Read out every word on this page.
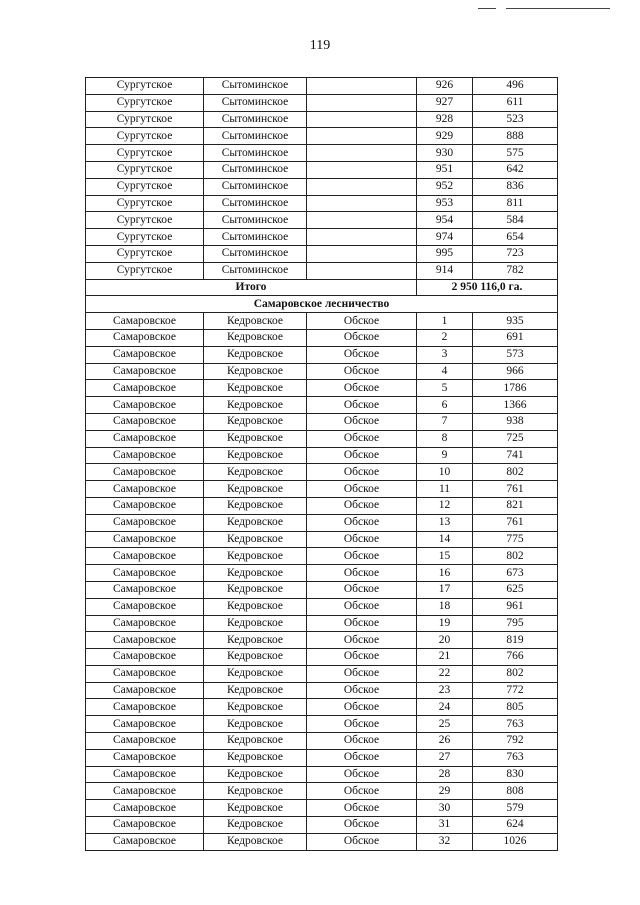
119
Сургутское	Сытоминское		926	496
Сургутское	Сытоминское		927	611
Сургутское	Сытоминское		928	523
Сургутское	Сытоминское		929	888
Сургутское	Сытоминское		930	575
Сургутское	Сытоминское		951	642
Сургутское	Сытоминское		952	836
Сургутское	Сытоминское		953	811
Сургутское	Сытоминское		954	584
Сургутское	Сытоминское		974	654
Сургутское	Сытоминское		995	723
Сургутское	Сытоминское		914	782
Итого			2 950 116,0 га.	
Самаровское лесничество				
Самаровское	Кедровское	Обское	1	935
Самаровское	Кедровское	Обское	2	691
Самаровское	Кедровское	Обское	3	573
Самаровское	Кедровское	Обское	4	966
Самаровское	Кедровское	Обское	5	1786
Самаровское	Кедровское	Обское	6	1366
Самаровское	Кедровское	Обское	7	938
Самаровское	Кедровское	Обское	8	725
Самаровское	Кедровское	Обское	9	741
Самаровское	Кедровское	Обское	10	802
Самаровское	Кедровское	Обское	11	761
Самаровское	Кедровское	Обское	12	821
Самаровское	Кедровское	Обское	13	761
Самаровское	Кедровское	Обское	14	775
Самаровское	Кедровское	Обское	15	802
Самаровское	Кедровское	Обское	16	673
Самаровское	Кедровское	Обское	17	625
Самаровское	Кедровское	Обское	18	961
Самаровское	Кедровское	Обское	19	795
Самаровское	Кедровское	Обское	20	819
Самаровское	Кедровское	Обское	21	766
Самаровское	Кедровское	Обское	22	802
Самаровское	Кедровское	Обское	23	772
Самаровское	Кедровское	Обское	24	805
Самаровское	Кедровское	Обское	25	763
Самаровское	Кедровское	Обское	26	792
Самаровское	Кедровское	Обское	27	763
Самаровское	Кедровское	Обское	28	830
Самаровское	Кедровское	Обское	29	808
Самаровское	Кедровское	Обское	30	579
Самаровское	Кедровское	Обское	31	624
Самаровское	Кедровское	Обское	32	1026
